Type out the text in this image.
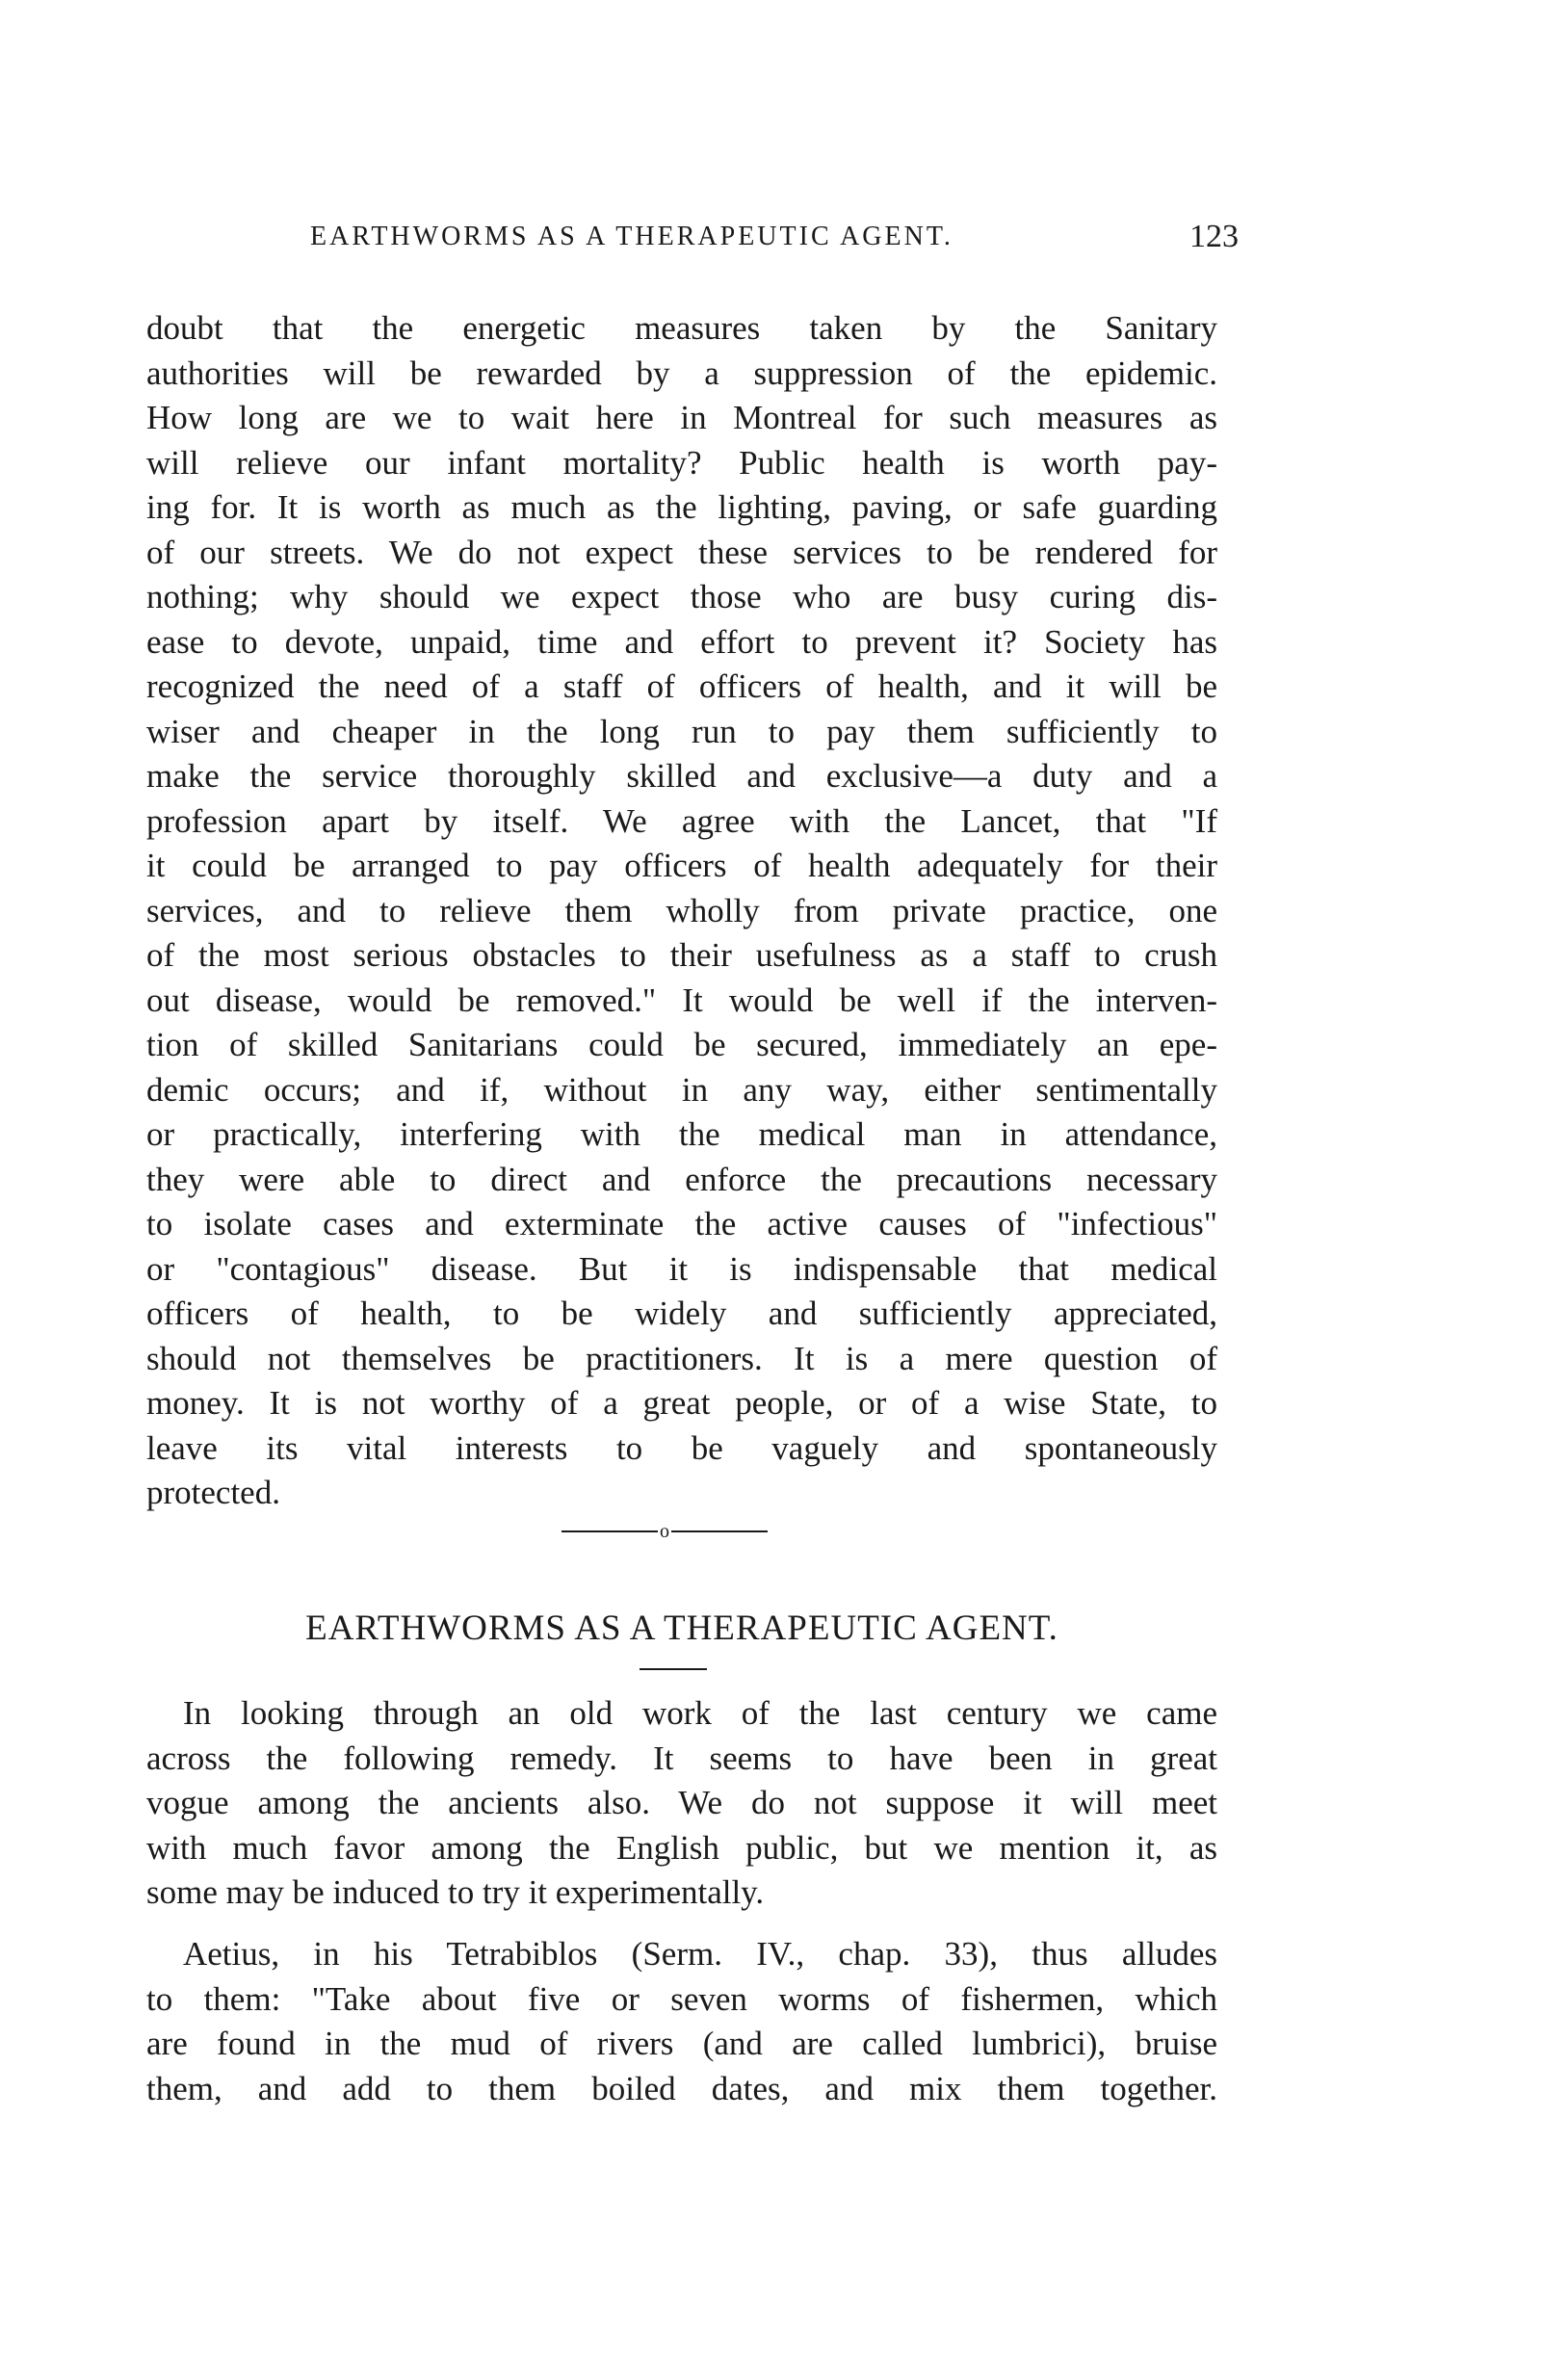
EARTHWORMS AS A THERAPEUTIC AGENT.	123
doubt that the energetic measures taken by the Sanitary
authorities will be rewarded by a suppression of the epidemic.
How long are we to wait here in Montreal for such measures as
will relieve our infant mortality? Public health is worth pay-
ing for. It is worth as much as the lighting, paving, or safe guarding
of our streets. We do not expect these services to be rendered for
nothing; why should we expect those who are busy curing dis-
ease to devote, unpaid, time and effort to prevent it? Society has
recognized the need of a staff of officers of health, and it will be
wiser and cheaper in the long run to pay them sufficiently to
make the service thoroughly skilled and exclusive—a duty and a
profession apart by itself. We agree with the Lancet, that "If
it could be arranged to pay officers of health adequately for their
services, and to relieve them wholly from private practice, one
of the most serious obstacles to their usefulness as a staff to crush
out disease, would be removed." It would be well if the interven-
tion of skilled Sanitarians could be secured, immediately an epe-
demic occurs; and if, without in any way, either sentimentally
or practically, interfering with the medical man in attendance,
they were able to direct and enforce the precautions necessary
to isolate cases and exterminate the active causes of "infectious"
or "contagious" disease. But it is indispensable that medical
officers of health, to be widely and sufficiently appreciated,
should not themselves be practitioners. It is a mere question of
money. It is not worthy of a great people, or of a wise State, to
leave its vital interests to be vaguely and spontaneously
protected.
o
EARTHWORMS AS A THERAPEUTIC AGENT.
In looking through an old work of the last century we came
across the following remedy. It seems to have been in great
vogue among the ancients also. We do not suppose it will meet
with much favor among the English public, but we mention it, as
some may be induced to try it experimentally.
Aetius, in his Tetrabiblos (Serm. IV., chap. 33), thus alludes
to them: "Take about five or seven worms of fishermen, which
are found in the mud of rivers (and are called lumbrici), bruise
them, and add to them boiled dates, and mix them together.
